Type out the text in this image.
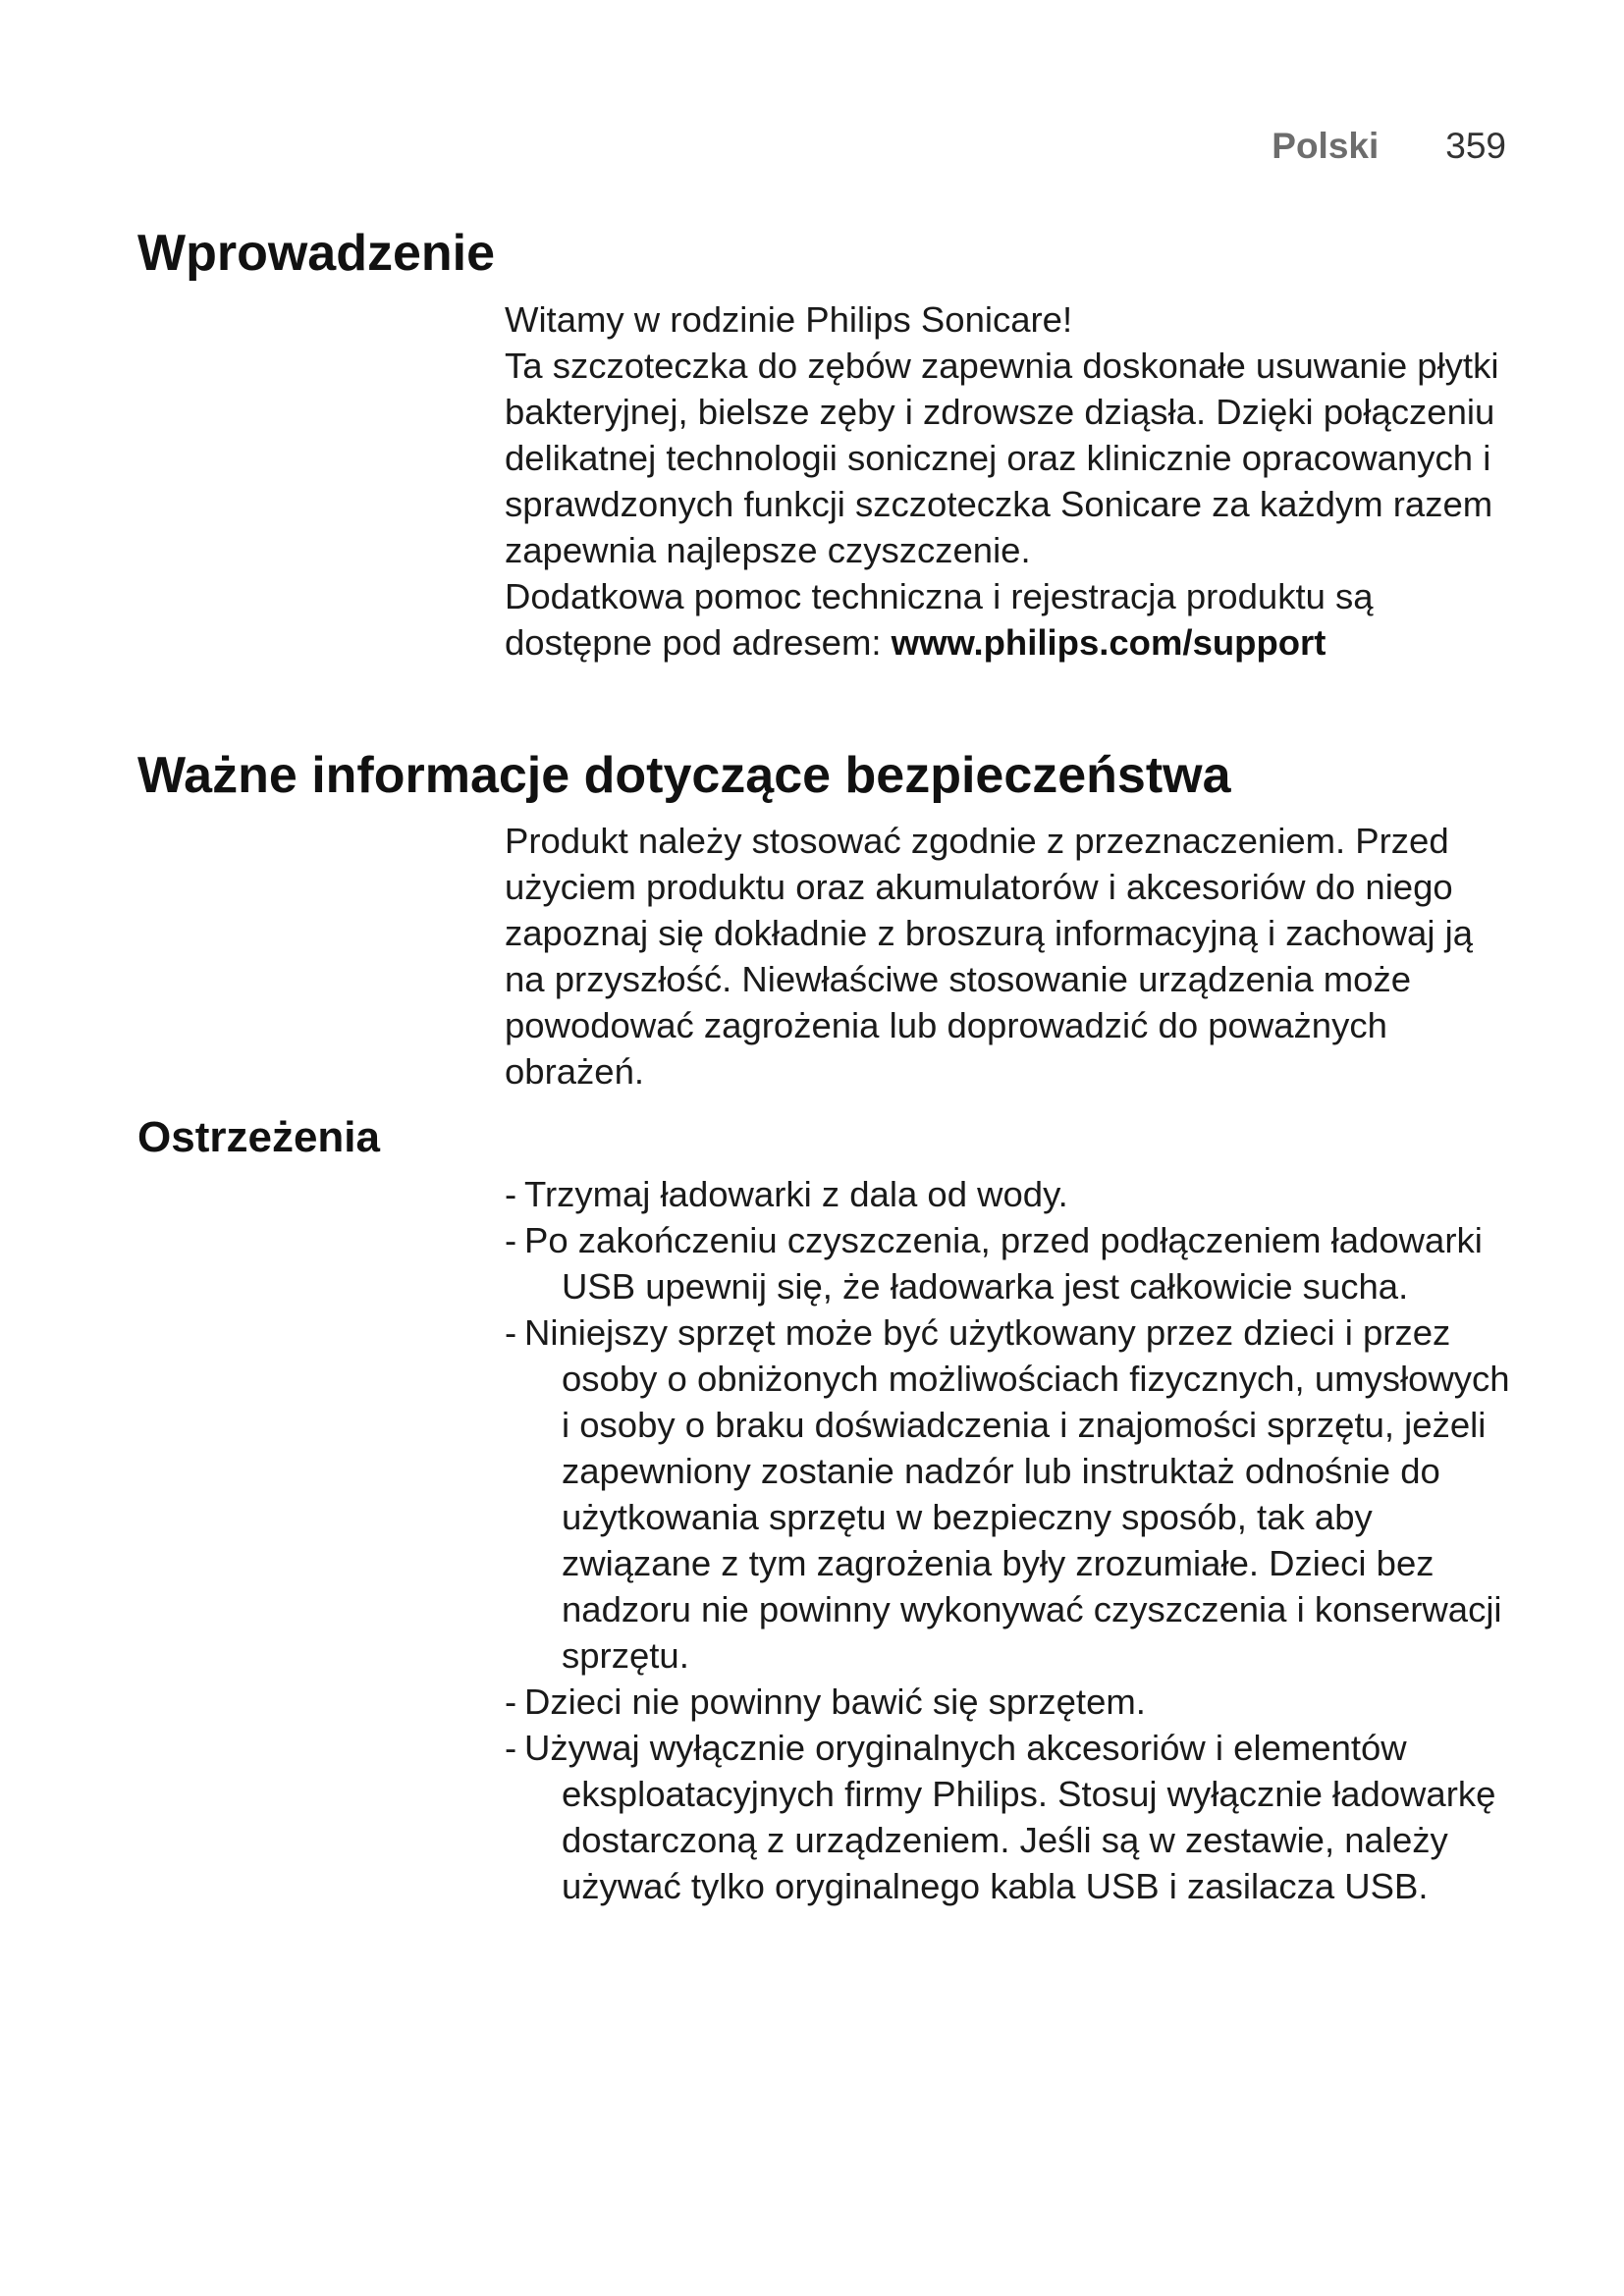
Polski 359
Wprowadzenie

Witamy w rodzinie Philips Sonicare!

Ta szczoteczka do zębów zapewnia doskonałe usuwanie płytki bakteryjnej, bielsze zęby i zdrowsze dziąsła. Dzięki połączeniu delikatnej technologii sonicznej oraz klinicznie opracowanych i sprawdzonych funkcji szczoteczka Sonicare za każdym razem zapewnia najlepsze czyszczenie.

Dodatkowa pomoc techniczna i rejestracja produktu są dostępne pod adresem: www.philips.com/support

Ważne informacje dotyczące bezpieczeństwa

Produkt należy stosować zgodnie z przeznaczeniem. Przed użyciem produktu oraz akumulatorów i akcesoriów do niego zapoznaj się dokładnie z broszurą informacyjną i zachowaj ją na przyszłość. Niewłaściwe stosowanie urządzenia może powodować zagrożenia lub doprowadzić do poważnych obrażeń.

Ostrzeżenia
- Trzymaj ładowarki z dala od wody.
- Po zakończeniu czyszczenia, przed podłączeniem ładowarki USB upewnij się, że ładowarka jest całkowicie sucha.
- Niniejszy sprzęt może być użytkowany przez dzieci i przez osoby o obniżonych możliwościach fizycznych, umysłowych i osoby o braku doświadczenia i znajomości sprzętu, jeżeli zapewniony zostanie nadzór lub instruktaż odnośnie do użytkowania sprzętu w bezpieczny sposób, tak aby związane z tym zagrożenia były zrozumiałe. Dzieci bez nadzoru nie powinny wykonywać czyszczenia i konserwacji sprzętu.
- Dzieci nie powinny bawić się sprzętem.
- Używaj wyłącznie oryginalnych akcesoriów i elementów eksploatacyjnych firmy Philips. Stosuj wyłącznie ładowarkę dostarczoną z urządzeniem. Jeśli są w zestawie, należy używać tylko oryginalnego kabla USB i zasilacza USB.
